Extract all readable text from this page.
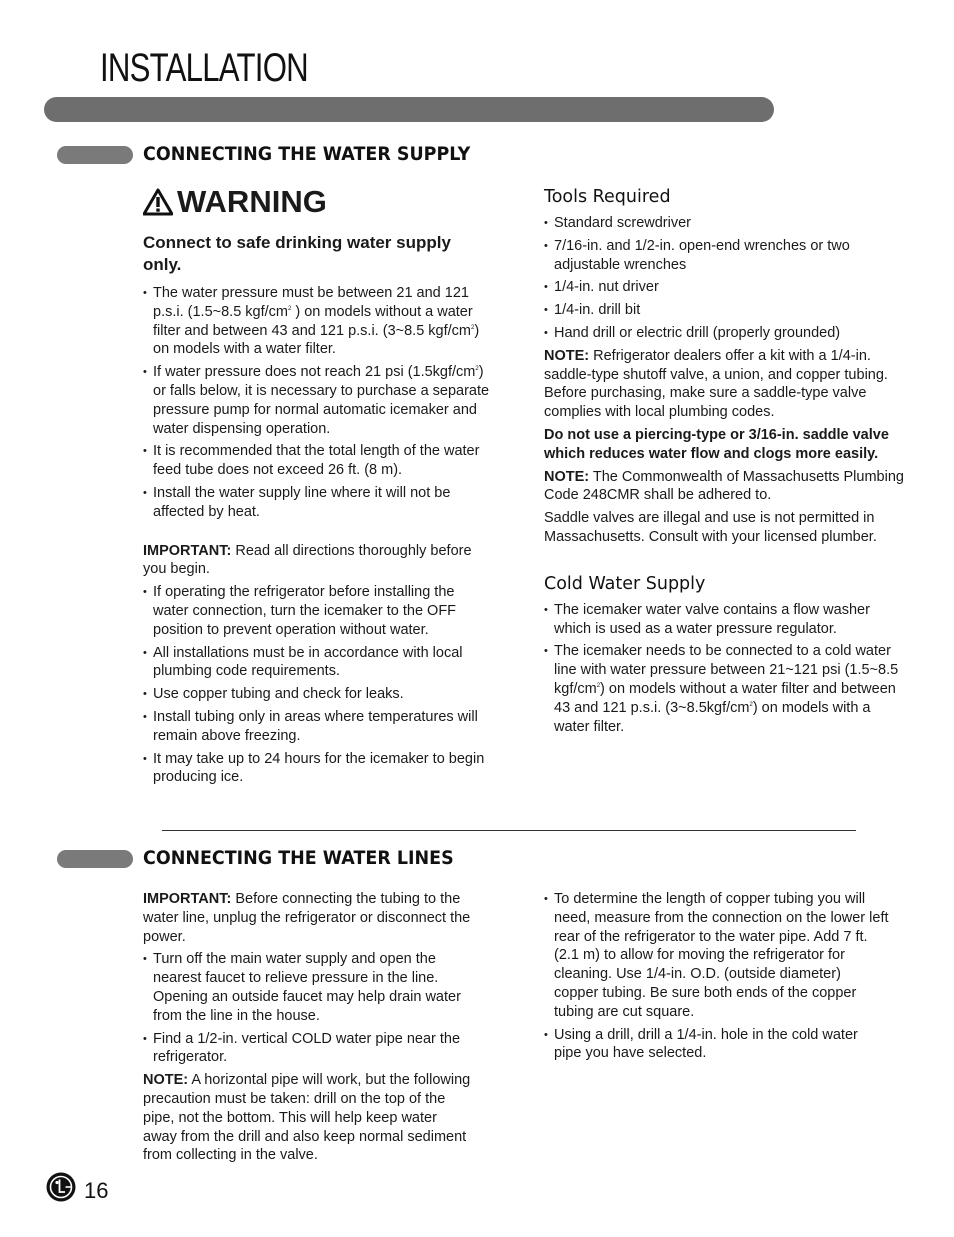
INSTALLATION
CONNECTING THE WATER SUPPLY
WARNING

Connect to safe drinking water supply only.

• The water pressure must be between 21 and 121 p.s.i. (1.5~8.5 kgf/$cm^2$ ) on models without a water filter and between 43 and 121 p.s.i. (3~8.5 kgf/$cm^2$) on models with a water filter.
• If water pressure does not reach 21 psi $(1.5kgf/cm^2)$ or falls below, it is necessary to purchase a separate pressure pump for normal automatic icemaker and water dispensing operation.
• It is recommended that the total length of the water feed tube does not exceed 26 ft. (8 m).
• Install the water supply line where it will not be affected by heat.

IMPORTANT: Read all directions thoroughly before you begin.

• If operating the refrigerator before installing the water connection, turn the icemaker to the OFF position to prevent operation without water.
• All installations must be in accordance with local plumbing code requirements.
• Use copper tubing and check for leaks.
• Install tubing only in areas where temperatures will remain above freezing.
• It may take up to 24 hours for the icemaker to begin producing ice.

Tools Required

• Standard screwdriver
• 7/16-in. and 1/2-in. open-end wrenches or two adjustable wrenches
• 1/4-in. nut driver
• 1/4-in. drill bit
• Hand drill or electric drill (properly grounded)

NOTE: Refrigerator dealers offer a kit with a 1/4-in. saddle-type shutoff valve, a union, and copper tubing. Before purchasing, make sure a saddle-type valve complies with local plumbing codes.

Do not use a piercing-type or 3/16-in. saddle valve which reduces water flow and clogs more easily.

NOTE: The Commonwealth of Massachusetts Plumbing Code 248CMR shall be adhered to.

Saddle valves are illegal and use is not permitted in Massachusetts. Consult with your licensed plumber.

Cold Water Supply

• The icemaker water valve contains a flow washer which is used as a water pressure regulator.
• The icemaker needs to be connected to a cold water line with water pressure between 21~121 psi (1.5~8.5 kgf/$cm^2$) on models without a water filter and between 43 and 121 p.s.i. $(3\sim 8.5kgf/cm^2)$ on models with a water filter.
CONNECTING THE WATER LINES

IMPORTANT: Before connecting the tubing to the water line, unplug the refrigerator or disconnect the power.

• Turn off the main water supply and open the nearest faucet to relieve pressure in the line. Opening an outside faucet may help drain water from the line in the house.
• Find a 1/2-in. vertical COLD water pipe near the refrigerator.

NOTE: A horizontal pipe will work, but the following precaution must be taken: drill on the top of the pipe, not the bottom. This will help keep water away from the drill and also keep normal sediment from collecting in the valve.

• To determine the length of copper tubing you will need, measure from the connection on the lower left rear of the refrigerator to the water pipe. Add 7 ft. (2.1 m) to allow for moving the refrigerator for cleaning. Use 1/4-in. O.D. (outside diameter) copper tubing. Be sure both ends of the copper tubing are cut square.
• Using a drill, drill a 1/4-in. hole in the cold water pipe you have selected.
16
